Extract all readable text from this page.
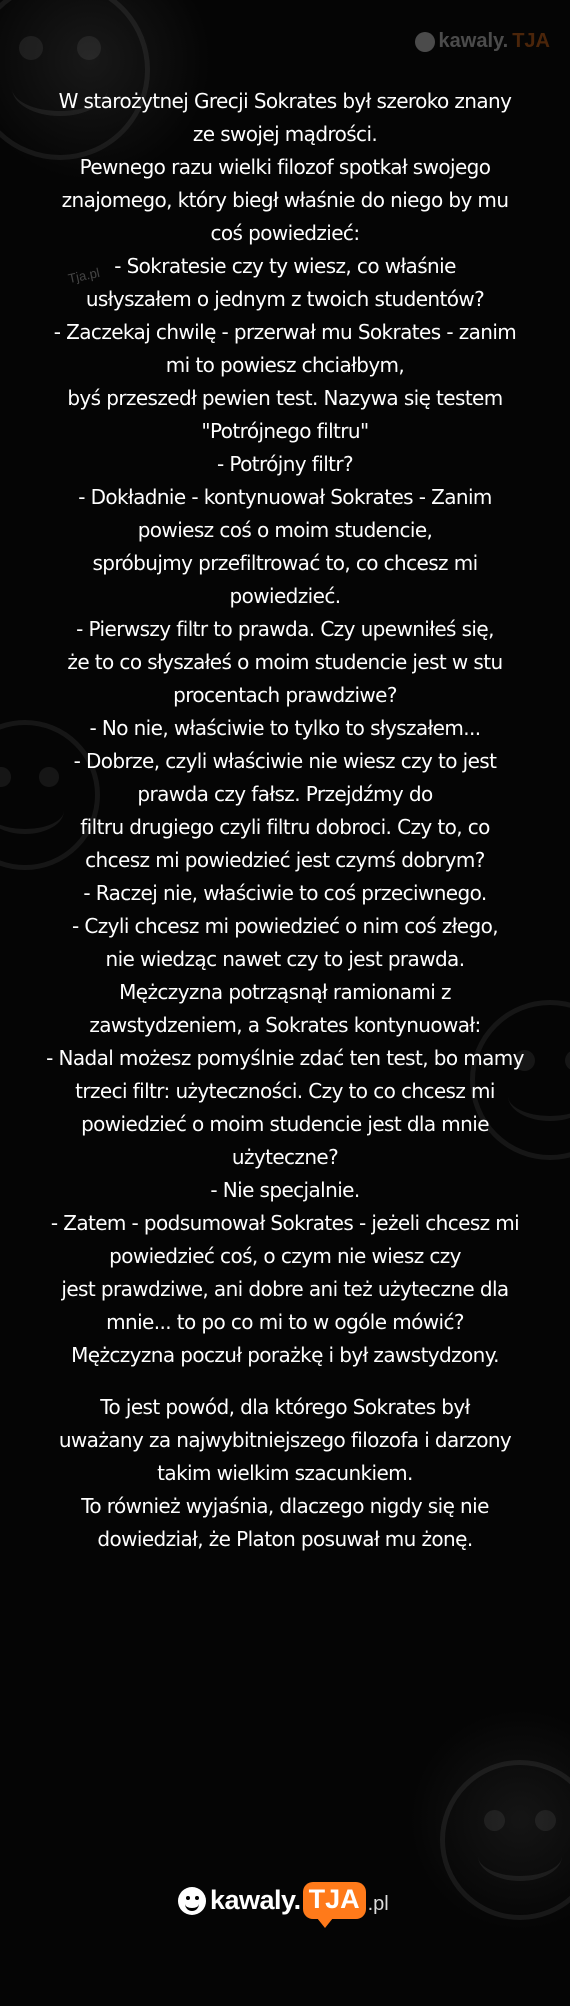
kawaly. TJA
Tja.pl

W starożytnej Grecji Sokrates był szeroko znany
ze swojej mądrości.
Pewnego razu wielki filozof spotkał swojego
znajomego, który biegł właśnie do niego by mu
coś powiedzieć:
- Sokratesie czy ty wiesz, co właśnie
usłyszałem o jednym z twoich studentów?
- Zaczekaj chwilę - przerwał mu Sokrates - zanim
mi to powiesz chciałbym,
byś przeszedł pewien test. Nazywa się testem
"Potrójnego filtru"
- Potrójny filtr?
- Dokładnie - kontynuował Sokrates - Zanim
powiesz coś o moim studencie,
spróbujmy przefiltrować to, co chcesz mi
powiedzieć.
- Pierwszy filtr to prawda. Czy upewniłeś się,
że to co słyszałeś o moim studencie jest w stu
procentach prawdziwe?
- No nie, właściwie to tylko to słyszałem...
- Dobrze, czyli właściwie nie wiesz czy to jest
prawda czy fałsz. Przejdźmy do
filtru drugiego czyli filtru dobroci. Czy to, co
chcesz mi powiedzieć jest czymś dobrym?
- Raczej nie, właściwie to coś przeciwnego.
- Czyli chcesz mi powiedzieć o nim coś złego,
nie wiedząc nawet czy to jest prawda.
Mężczyzna potrząsnął ramionami z
zawstydzeniem, a Sokrates kontynuował:
- Nadal możesz pomyślnie zdać ten test, bo mamy
trzeci filtr: użyteczności. Czy to co chcesz mi
powiedzieć o moim studencie jest dla mnie
użyteczne?
- Nie specjalnie.
- Zatem - podsumował Sokrates - jeżeli chcesz mi
powiedzieć coś, o czym nie wiesz czy
jest prawdziwe, ani dobre ani też użyteczne dla
mnie... to po co mi to w ogóle mówić?
Mężczyzna poczuł porażkę i był zawstydzony.

To jest powód, dla którego Sokrates był
uważany za najwybitniejszego filozofa i darzony
takim wielkim szacunkiem.
To również wyjaśnia, dlaczego nigdy się nie
dowiedział, że Platon posuwał mu żonę.

kawaly. TJA .pl
